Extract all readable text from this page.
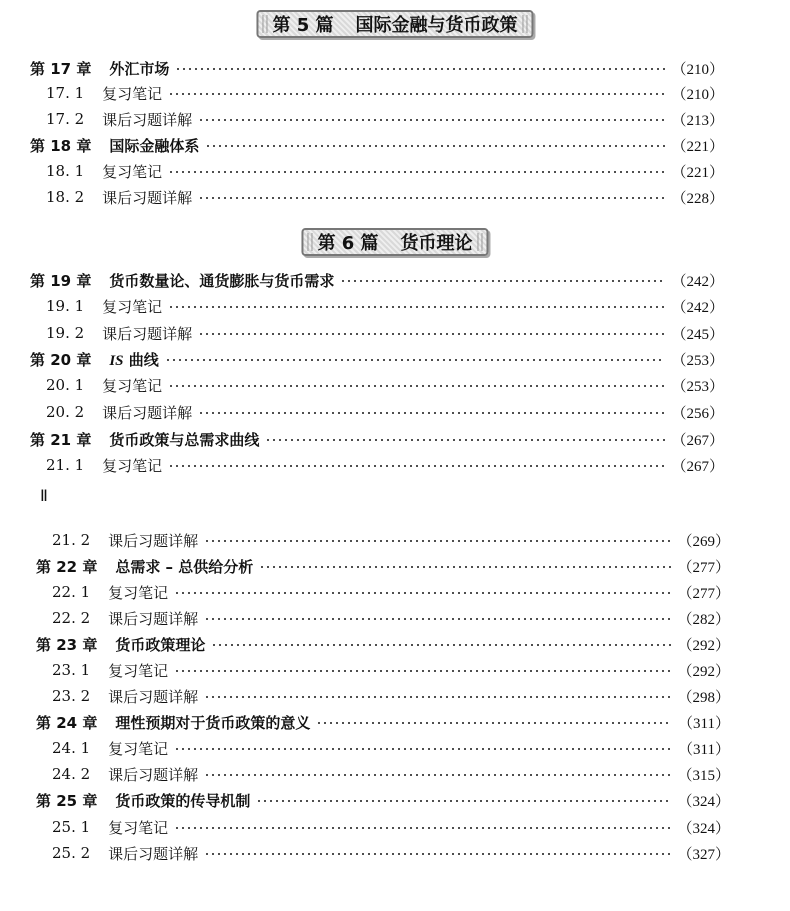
第 5 篇 国际金融与货币政策
第 6 篇 货币理论
Ⅱ
第 17 章 外汇市场	（210）
17. 1 复习笔记	（210）
17. 2 课后习题详解	（213）
第 18 章 国际金融体系	（221）
18. 1 复习笔记	（221）
18. 2 课后习题详解	（228）
第 19 章 货币数量论、通货膨胀与货币需求	（242）
19. 1 复习笔记	（242）
19. 2 课后习题详解	（245）
第 20 章 IS 曲线	（253）
20. 1 复习笔记	（253）
20. 2 课后习题详解	（256）
第 21 章 货币政策与总需求曲线	（267）
21. 1 复习笔记	（267）
21. 2 课后习题详解	（269）
第 22 章 总需求 – 总供给分析	（277）
22. 1 复习笔记	（277）
22. 2 课后习题详解	（282）
第 23 章 货币政策理论	（292）
23. 1 复习笔记	（292）
23. 2 课后习题详解	（298）
第 24 章 理性预期对于货币政策的意义	（311）
24. 1 复习笔记	（311）
24. 2 课后习题详解	（315）
第 25 章 货币政策的传导机制	（324）
25. 1 复习笔记	（324）
25. 2 课后习题详解	（327）
